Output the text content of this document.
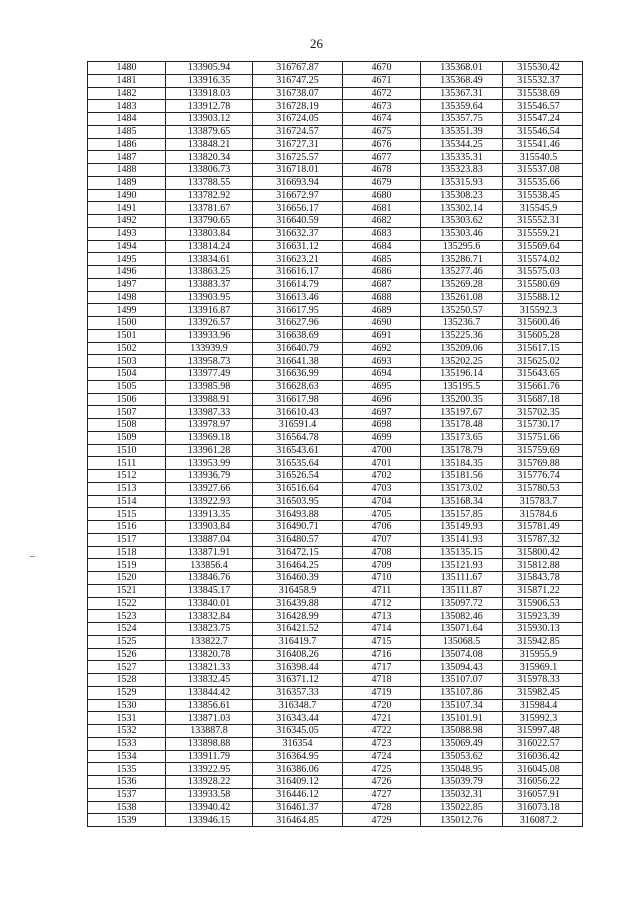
26
1480	133905.94	316767.87	4670	135368.01	315530.42
1481	133916.35	316747.25	4671	135368.49	315532.37
1482	133918.03	316738.07	4672	135367.31	315538.69
1483	133912.78	316728.19	4673	135359.64	315546.57
1484	133903.12	316724.05	4674	135357.75	315547.24
1485	133879.65	316724.57	4675	135351.39	315546.54
1486	133848.21	316727.31	4676	135344.25	315541.46
1487	133820.34	316725.57	4677	135335.31	315540.5
1488	133806.73	316718.01	4678	135323.83	315537.08
1489	133788.55	316693.94	4679	135315.93	315535.66
1490	133782.92	316672.97	4680	135308.23	315538.45
1491	133781.67	316656.17	4681	135302.14	315545.9
1492	133790.65	316640.59	4682	135303.62	315552.31
1493	133803.84	316632.37	4683	135303.46	315559.21
1494	133814.24	316631.12	4684	135295.6	315569.64
1495	133834.61	316623.21	4685	135286.71	315574.02
1496	133863.25	316616.17	4686	135277.46	315575.03
1497	133883.37	316614.79	4687	135269.28	315580.69
1498	133903.95	316613.46	4688	135261.08	315588.12
1499	133916.87	316617.95	4689	135250.57	315592.3
1500	133926.57	316627.96	4690	135236.7	315600.46
1501	133933.96	316638.69	4691	135225.36	315605.28
1502	133939.9	316640.79	4692	135209.06	315617.15
1503	133958.73	316641.38	4693	135202.25	315625.02
1504	133977.49	316636.99	4694	135196.14	315643.65
1505	133985.98	316628.63	4695	135195.5	315661.76
1506	133988.91	316617.98	4696	135200.35	315687.18
1507	133987.33	316610.43	4697	135197.67	315702.35
1508	133978.97	316591.4	4698	135178.48	315730.17
1509	133969.18	316564.78	4699	135173.65	315751.66
1510	133961.28	316543.61	4700	135178.79	315759.69
1511	133953.99	316535.64	4701	135184.35	315769.88
1512	133936.79	316526.54	4702	135181.56	315776.74
1513	133927.66	316516.64	4703	135173.02	315780.53
1514	133922.93	316503.95	4704	135168.34	315783.7
1515	133913.35	316493.88	4705	135157.85	315784.6
1516	133903.84	316490.71	4706	135149.93	315781.49
1517	133887.04	316480.57	4707	135141.93	315787.32
1518	133871.91	316472.15	4708	135135.15	315800.42
1519	133856.4	316464.25	4709	135121.93	315812.88
1520	133846.76	316460.39	4710	135111.67	315843.78
1521	133845.17	316458.9	4711	135111.87	315871.22
1522	133840.01	316439.88	4712	135097.72	315906.53
1523	133832.84	316428.99	4713	135082.46	315923.39
1524	133823.75	316421.52	4714	135071.64	315930.13
1525	133822.7	316419.7	4715	135068.5	315942.85
1526	133820.78	316408.26	4716	135074.08	315955.9
1527	133821.33	316398.44	4717	135094.43	315969.1
1528	133832.45	316371.12	4718	135107.07	315978.33
1529	133844.42	316357.33	4719	135107.86	315982.45
1530	133856.61	316348.7	4720	135107.34	315984.4
1531	133871.03	316343.44	4721	135101.91	315992.3
1532	133887.8	316345.05	4722	135088.98	315997.48
1533	133898.88	316354	4723	135069.49	316022.57
1534	133911.79	316364.95	4724	135053.62	316036.42
1535	133922.95	316386.06	4725	135048.95	316045.08
1536	133928.22	316409.12	4726	135039.79	316056.22
1537	133933.58	316446.12	4727	135032.31	316057.91
1538	133940.42	316461.37	4728	135022.85	316073.18
1539	133946.15	316464.85	4729	135012.76	316087.2
